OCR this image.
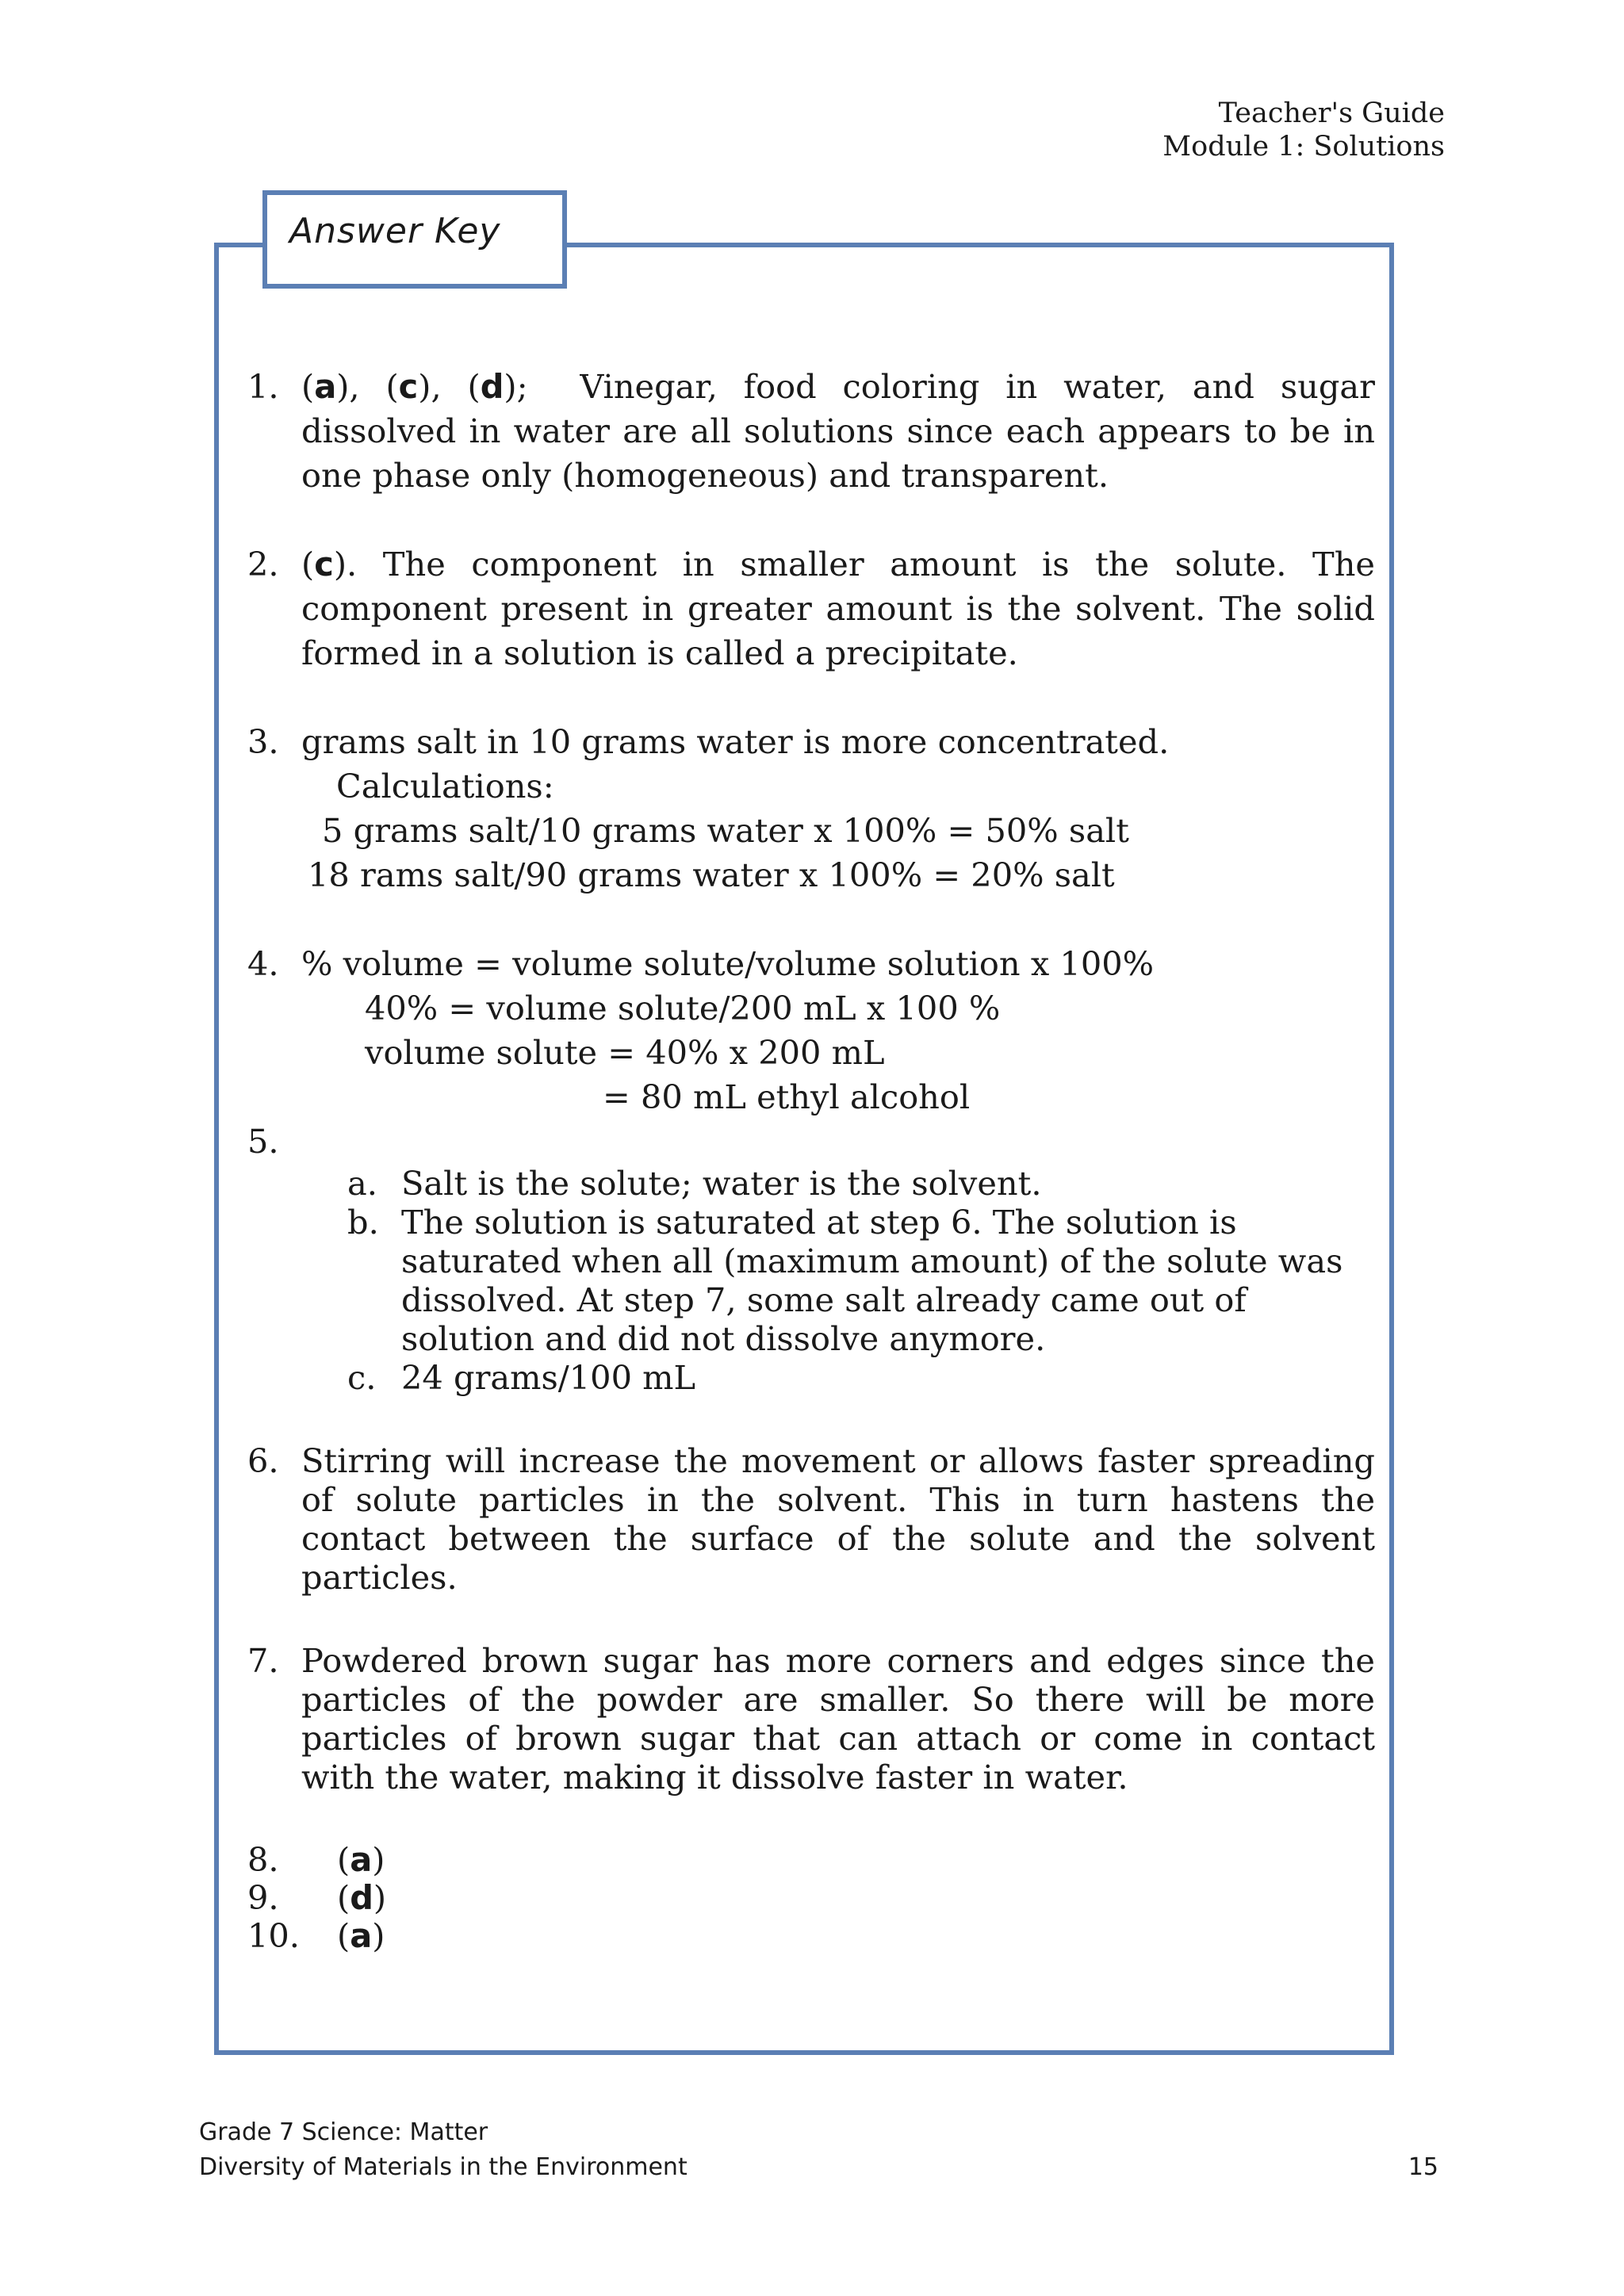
Teacher's Guide
Module 1: Solutions
Answer Key
1. (a), (c), (d);  Vinegar, food coloring in water, and sugar dissolved in water are all solutions since each appears to be in one phase only (homogeneous) and transparent.
2. (c). The component in smaller amount is the solute. The component present in greater amount is the solvent. The solid formed in a solution is called a precipitate.
3. grams salt in 10 grams water is more concentrated.
Calculations:
5 grams salt/10 grams water x 100% = 50% salt
18 rams salt/90 grams water x 100% = 20% salt
4. % volume = volume solute/volume solution x 100%
40% = volume solute/200 mL x 100 %
volume solute = 40% x 200 mL
= 80 mL ethyl alcohol
5.
a. Salt is the solute; water is the solvent.
b. The solution is saturated at step 6. The solution is saturated when all (maximum amount) of the solute was dissolved. At step 7, some salt already came out of solution and did not dissolve anymore.
c. 24 grams/100 mL
6. Stirring will increase the movement or allows faster spreading of solute particles in the solvent. This in turn hastens the contact between the surface of the solute and the solvent particles.
7. Powdered brown sugar has more corners and edges since the particles of the powder are smaller. So there will be more particles of brown sugar that can attach or come in contact with the water, making it dissolve faster in water.
8. (a)
9. (d)
10. (a)
Grade 7 Science: Matter
Diversity of Materials in the Environment	15
